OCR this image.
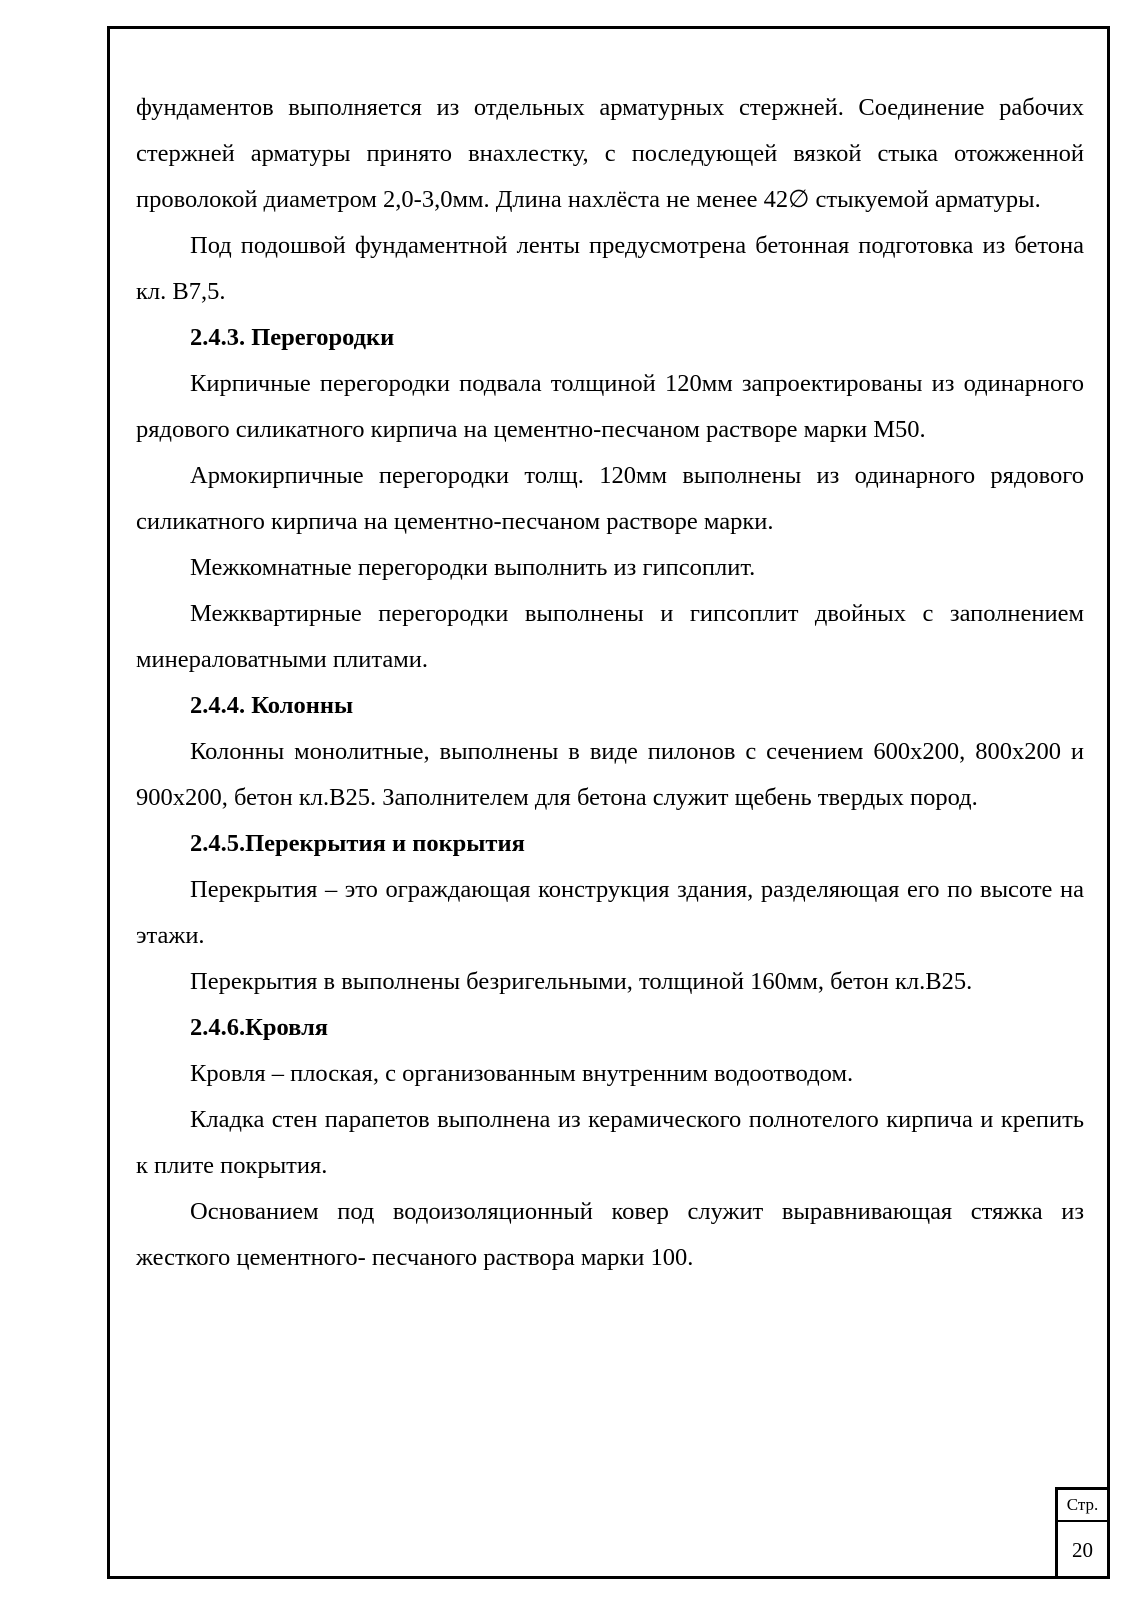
фундаментов выполняется из отдельных арматурных стержней. Соединение рабочих стержней арматуры принято внахлестку, с последующей вязкой стыка отожженной проволокой диаметром 2,0-3,0мм. Длина нахлёста не менее 42∅ стыкуемой арматуры.

Под подошвой фундаментной ленты предусмотрена бетонная подготовка из бетона кл. В7,5.

2.4.3. Перегородки

Кирпичные перегородки подвала толщиной 120мм запроектированы из одинарного рядового силикатного кирпича на цементно-песчаном растворе марки М50.

Армокирпичные перегородки толщ. 120мм выполнены из одинарного рядового силикатного кирпича на цементно-песчаном растворе марки.

Межкомнатные перегородки выполнить из гипсоплит.

Межквартирные перегородки выполнены и гипсоплит двойных с заполнением минераловатными плитами.

2.4.4. Колонны

Колонны монолитные, выполнены в виде пилонов с сечением 600х200, 800х200 и 900х200, бетон кл.В25. Заполнителем для бетона служит щебень твердых пород.

2.4.5.Перекрытия и покрытия

Перекрытия – это ограждающая конструкция здания, разделяющая его по высоте на этажи.

Перекрытия в выполнены безригельными, толщиной 160мм, бетон кл.В25.

2.4.6.Кровля

Кровля – плоская, с организованным внутренним водоотводом.

Кладка стен парапетов выполнена из керамического полнотелого кирпича и крепить к плите покрытия.

Основанием под водоизоляционный ковер служит выравнивающая стяжка из жесткого цементного- песчаного раствора марки 100.

Стр.
20
